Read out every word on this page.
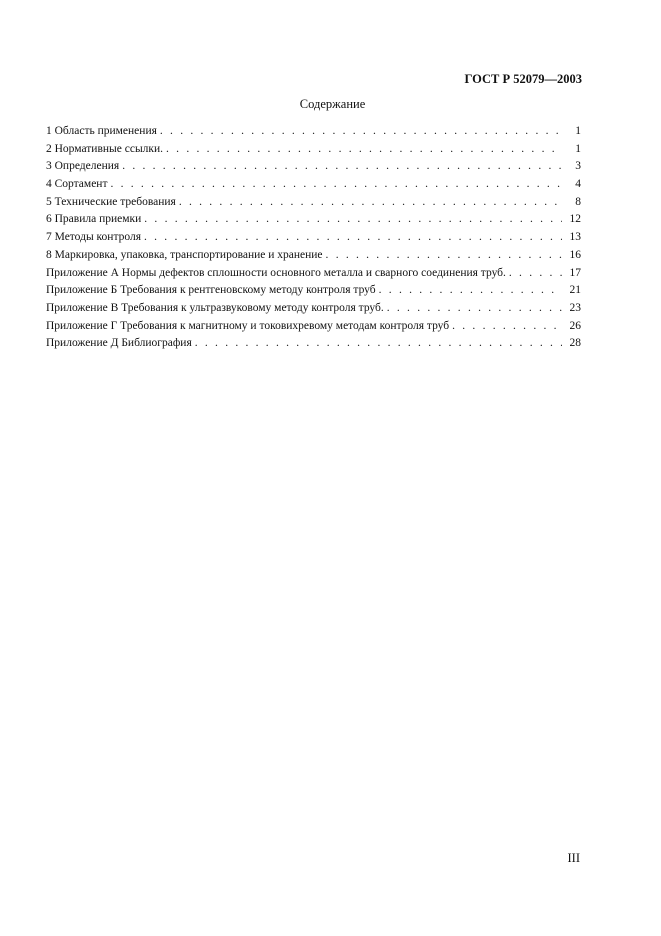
ГОСТ Р 52079—2003
Содержание
1 Область применения . . .	1
2 Нормативные ссылки. . . .	1
3 Определения . . .	3
4 Сортамент . . .	4
5 Технические требования . . .	8
6 Правила приемки . . .	12
7 Методы контроля . . .	13
8 Маркировка, упаковка, транспортирование и хранение . . .	16
Приложение А Нормы дефектов сплошности основного металла и сварного соединения труб. . . .	17
Приложение Б Требования к рентгеновскому методу контроля труб . . .	21
Приложение В Требования к ультразвуковому методу контроля труб. . . .	23
Приложение Г Требования к магнитному и токовихревому методам контроля труб . . .	26
Приложение Д Библиография . . .	28
III
